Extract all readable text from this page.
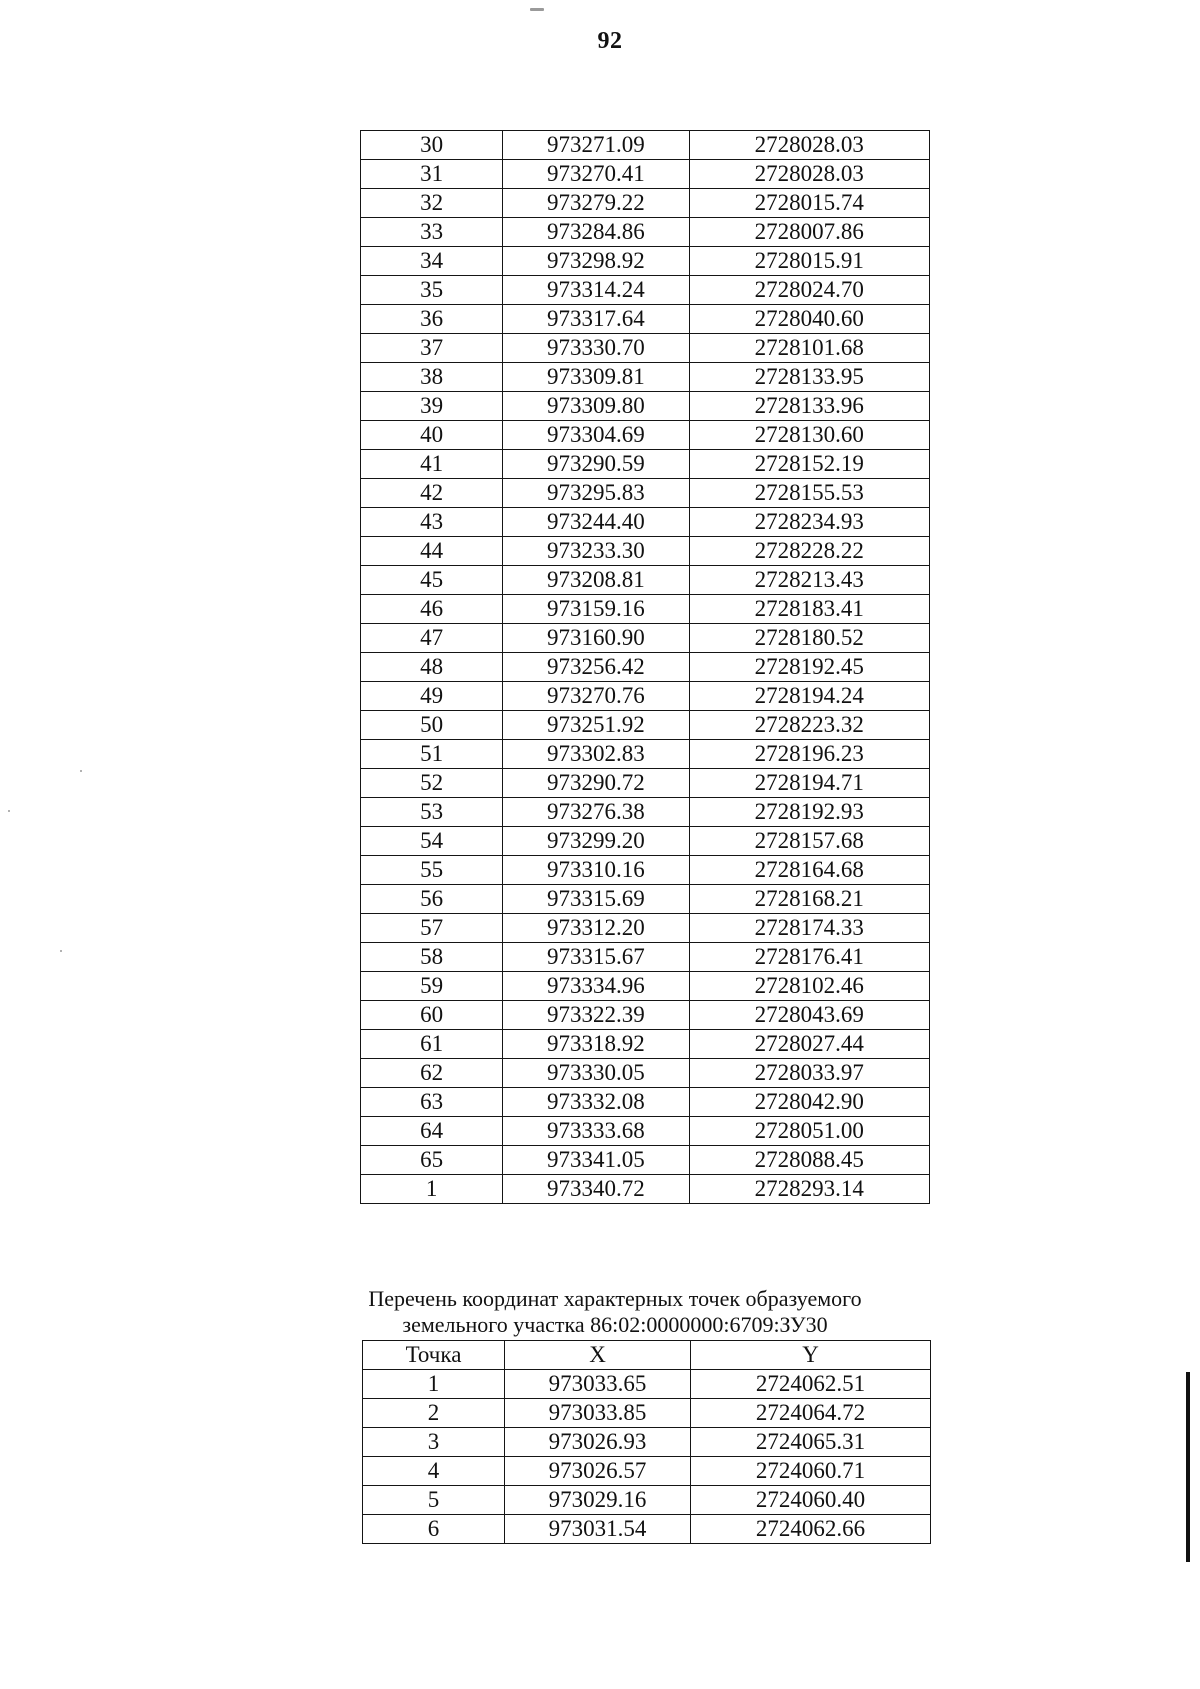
92
30	973271.09	2728028.03
31	973270.41	2728028.03
32	973279.22	2728015.74
33	973284.86	2728007.86
34	973298.92	2728015.91
35	973314.24	2728024.70
36	973317.64	2728040.60
37	973330.70	2728101.68
38	973309.81	2728133.95
39	973309.80	2728133.96
40	973304.69	2728130.60
41	973290.59	2728152.19
42	973295.83	2728155.53
43	973244.40	2728234.93
44	973233.30	2728228.22
45	973208.81	2728213.43
46	973159.16	2728183.41
47	973160.90	2728180.52
48	973256.42	2728192.45
49	973270.76	2728194.24
50	973251.92	2728223.32
51	973302.83	2728196.23
52	973290.72	2728194.71
53	973276.38	2728192.93
54	973299.20	2728157.68
55	973310.16	2728164.68
56	973315.69	2728168.21
57	973312.20	2728174.33
58	973315.67	2728176.41
59	973334.96	2728102.46
60	973322.39	2728043.69
61	973318.92	2728027.44
62	973330.05	2728033.97
63	973332.08	2728042.90
64	973333.68	2728051.00
65	973341.05	2728088.45
1	973340.72	2728293.14
Перечень координат характерных точек образуемого
земельного участка 86:02:0000000:6709:ЗУ30
Точка	X	Y
1	973033.65	2724062.51
2	973033.85	2724064.72
3	973026.93	2724065.31
4	973026.57	2724060.71
5	973029.16	2724060.40
6	973031.54	2724062.66
